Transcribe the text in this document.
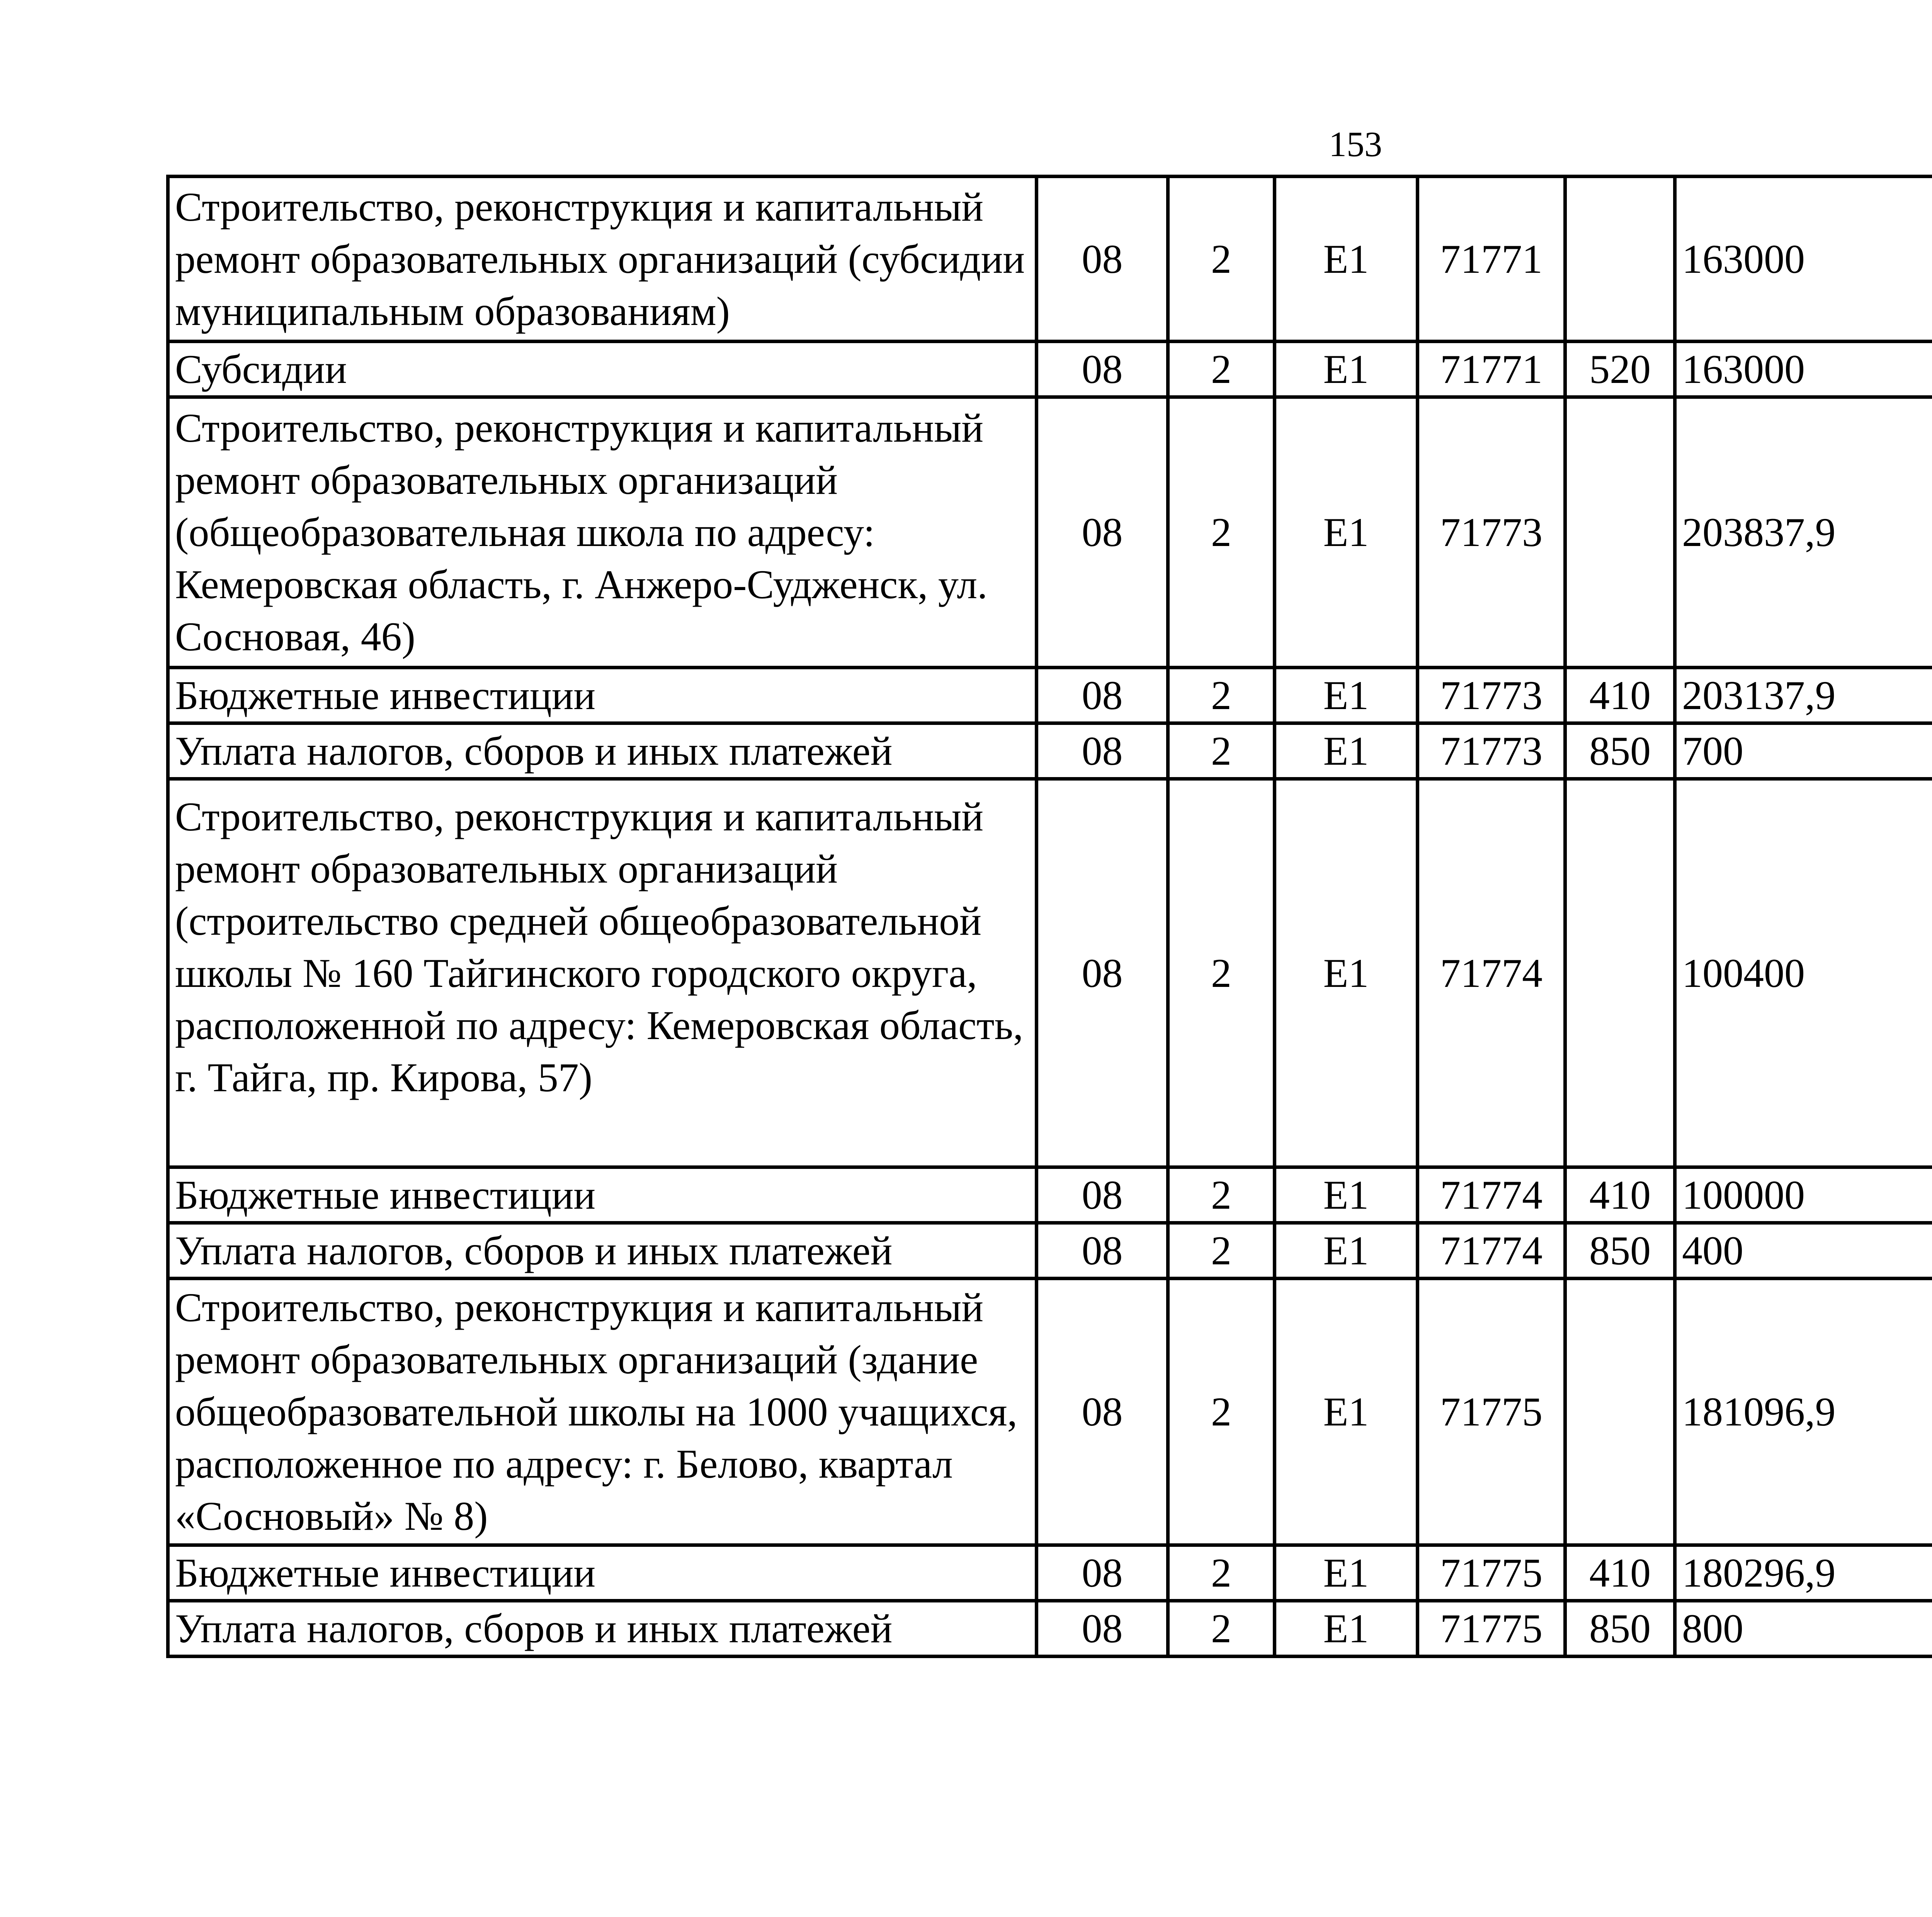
153
Строительство, реконструкция и капитальный ремонт образовательных организаций (субсидии муниципальным образованиям)	08	2	Е1	71771		163000		
Субсидии	08	2	Е1	71771	520	163000		
Строительство, реконструкция и капитальный ремонт образовательных организаций (общеобразовательная школа по адресу: Кемеровская область, г. Анжеро-Судженск, ул. Сосновая, 46)	08	2	Е1	71773		203837,9		
Бюджетные инвестиции	08	2	Е1	71773	410	203137,9		
Уплата налогов, сборов и иных платежей	08	2	Е1	71773	850	700		
Строительство, реконструкция и капитальный ремонт образовательных организаций (строительство средней общеобразовательной школы № 160 Тайгинского городского округа, расположенной по адресу: Кемеровская область, г. Тайга, пр. Кирова, 57)	08	2	Е1	71774		100400		
Бюджетные инвестиции	08	2	Е1	71774	410	100000		
Уплата налогов, сборов и иных платежей	08	2	Е1	71774	850	400		
Строительство, реконструкция и капитальный ремонт образовательных организаций (здание общеобразовательной школы на 1000 учащихся, расположенное по адресу: г. Белово, квартал «Сосновый» № 8)	08	2	Е1	71775		181096,9		
Бюджетные инвестиции	08	2	Е1	71775	410	180296,9		
Уплата налогов, сборов и иных платежей	08	2	Е1	71775	850	800		
